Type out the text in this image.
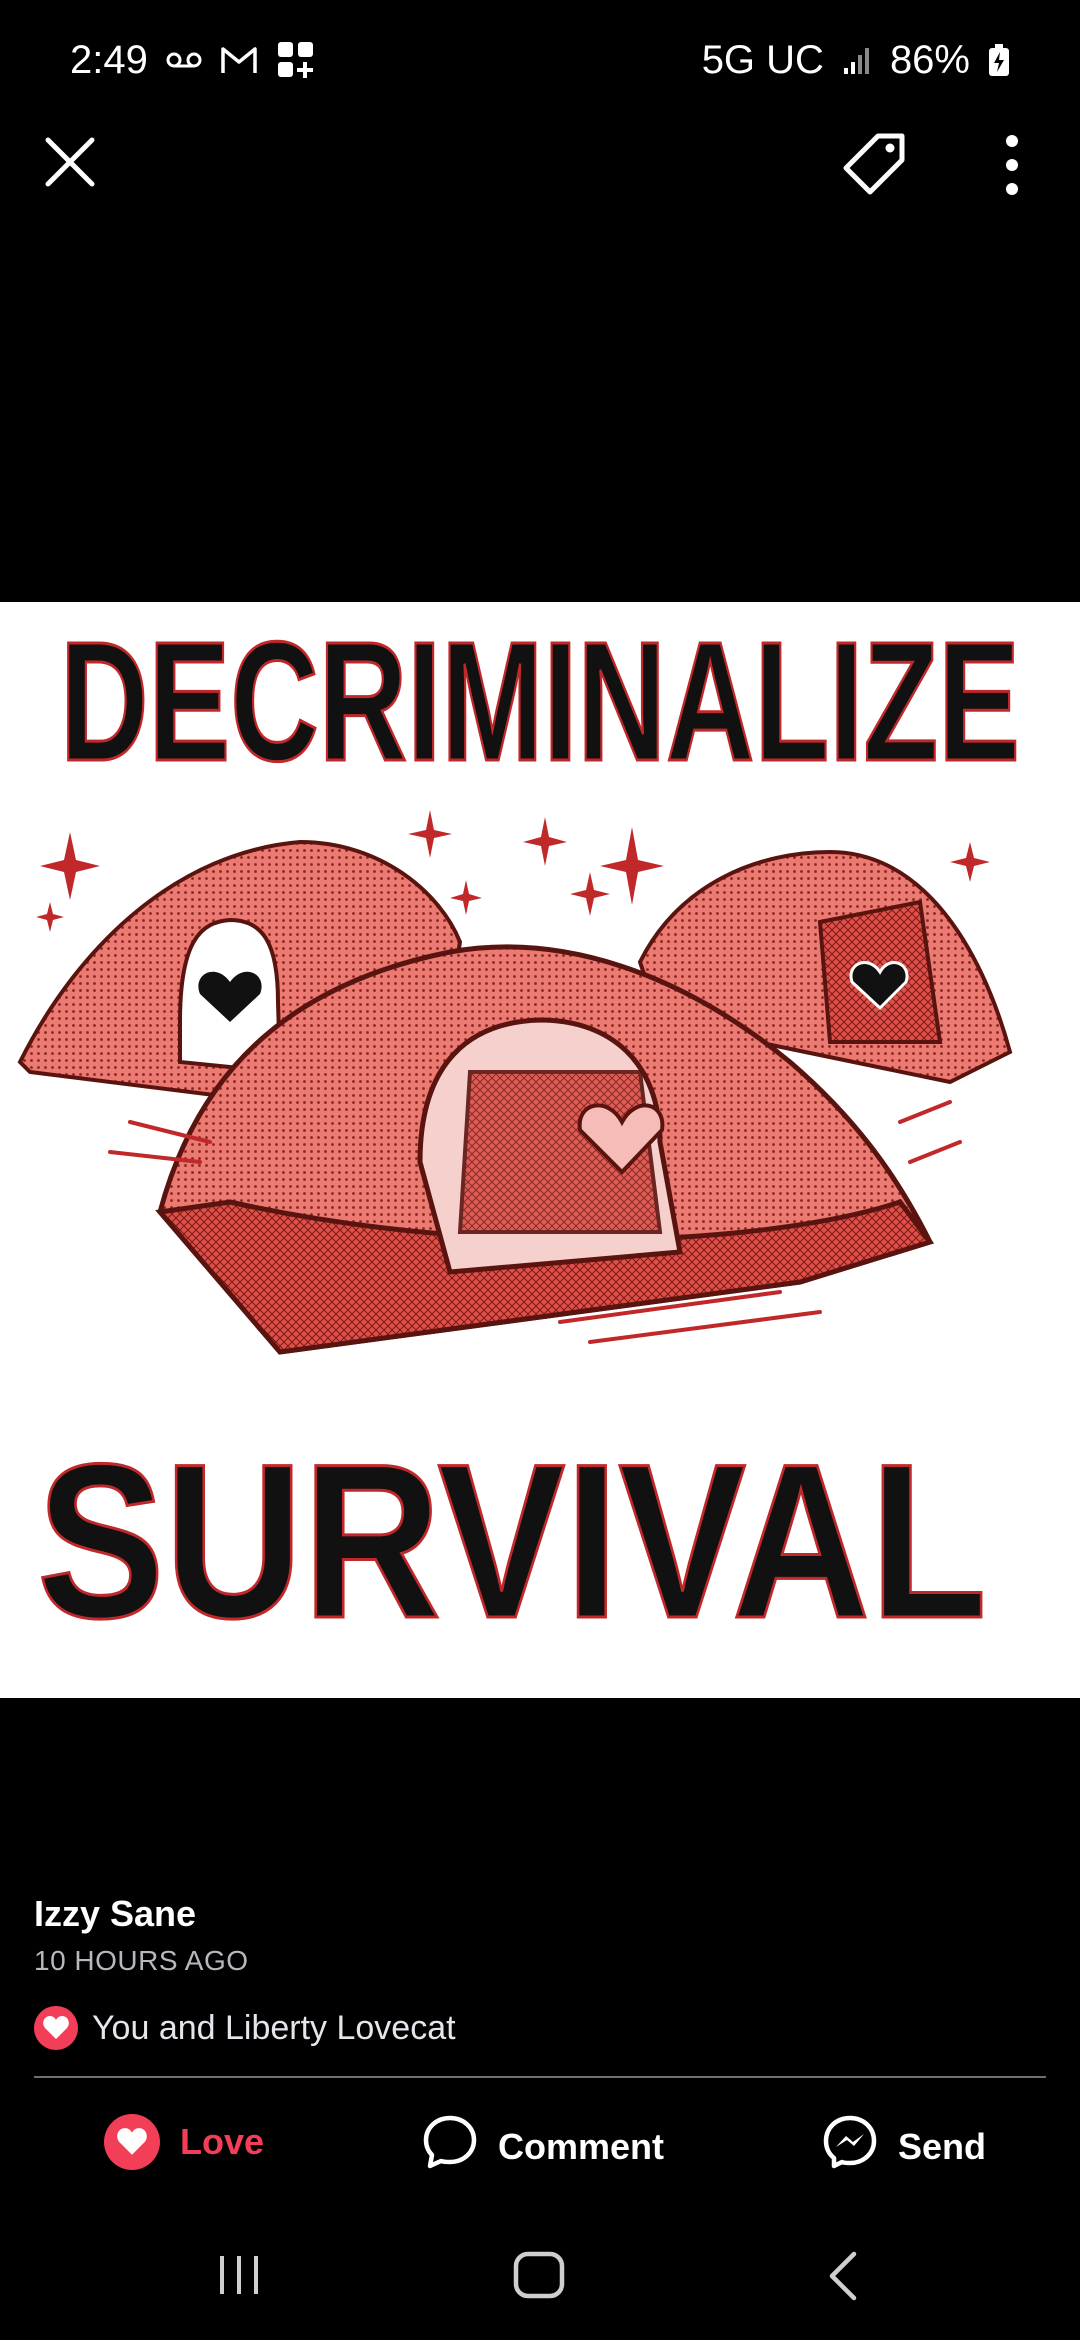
2:49	5G UC 86%
DECRIMINALIZE
SURVIVAL
Izzy Sane
10 HOURS AGO
You and Liberty Lovecat
Love	Comment	Send
